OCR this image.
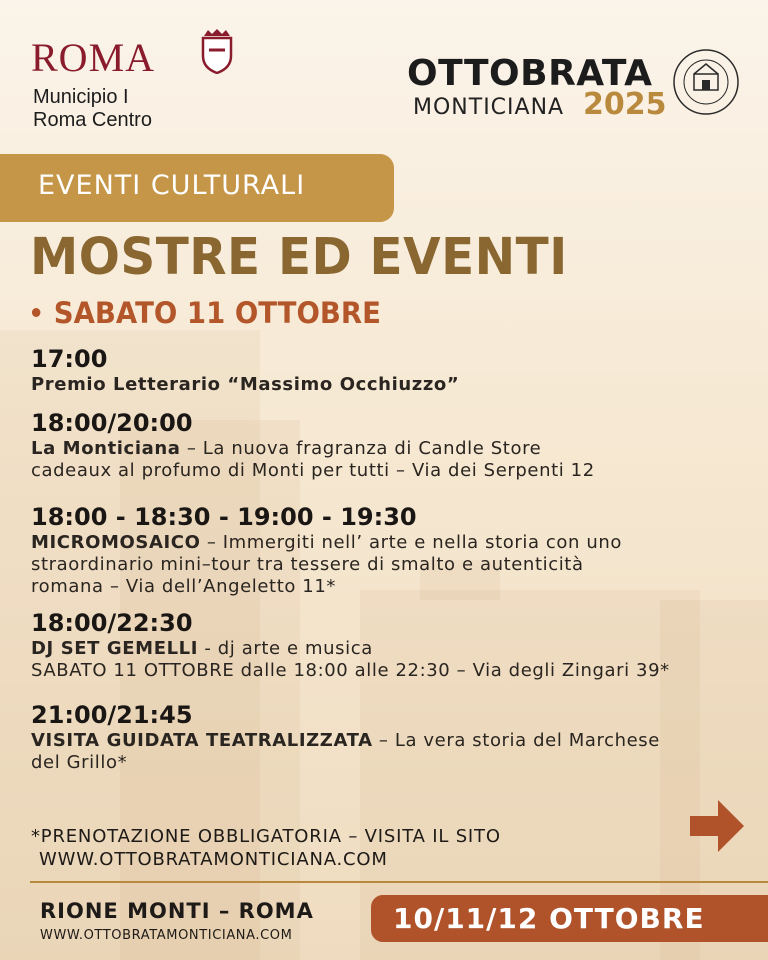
ROMA
Municipio I
Roma Centro
OTTOBRATA
MONTICIANA 2025
EVENTI CULTURALI
MOSTRE ED EVENTI
SABATO 11 OTTOBRE
17:00
Premio Letterario “Massimo Occhiuzzo”
18:00/20:00
La Monticiana – La nuova fragranza di Candle Store
cadeaux al profumo di Monti per tutti – Via dei Serpenti 12
18:00 - 18:30 - 19:00 - 19:30
MICROMOSAICO – Immergiti nell’ arte e nella storia con uno
straordinario mini–tour tra tessere di smalto e autenticità
romana – Via dell’Angeletto 11*
18:00/22:30
DJ SET GEMELLI - dj arte e musica
SABATO 11 OTTOBRE dalle 18:00 alle 22:30 – Via degli Zingari 39*
21:00/21:45
VISITA GUIDATA TEATRALIZZATA – La vera storia del Marchese
del Grillo*
*PRENOTAZIONE OBBLIGATORIA – VISITA IL SITO
WWW.OTTOBRATAMONTICIANA.COM
RIONE MONTI – ROMA
WWW.OTTOBRATAMONTICIANA.COM
10/11/12 OTTOBRE
